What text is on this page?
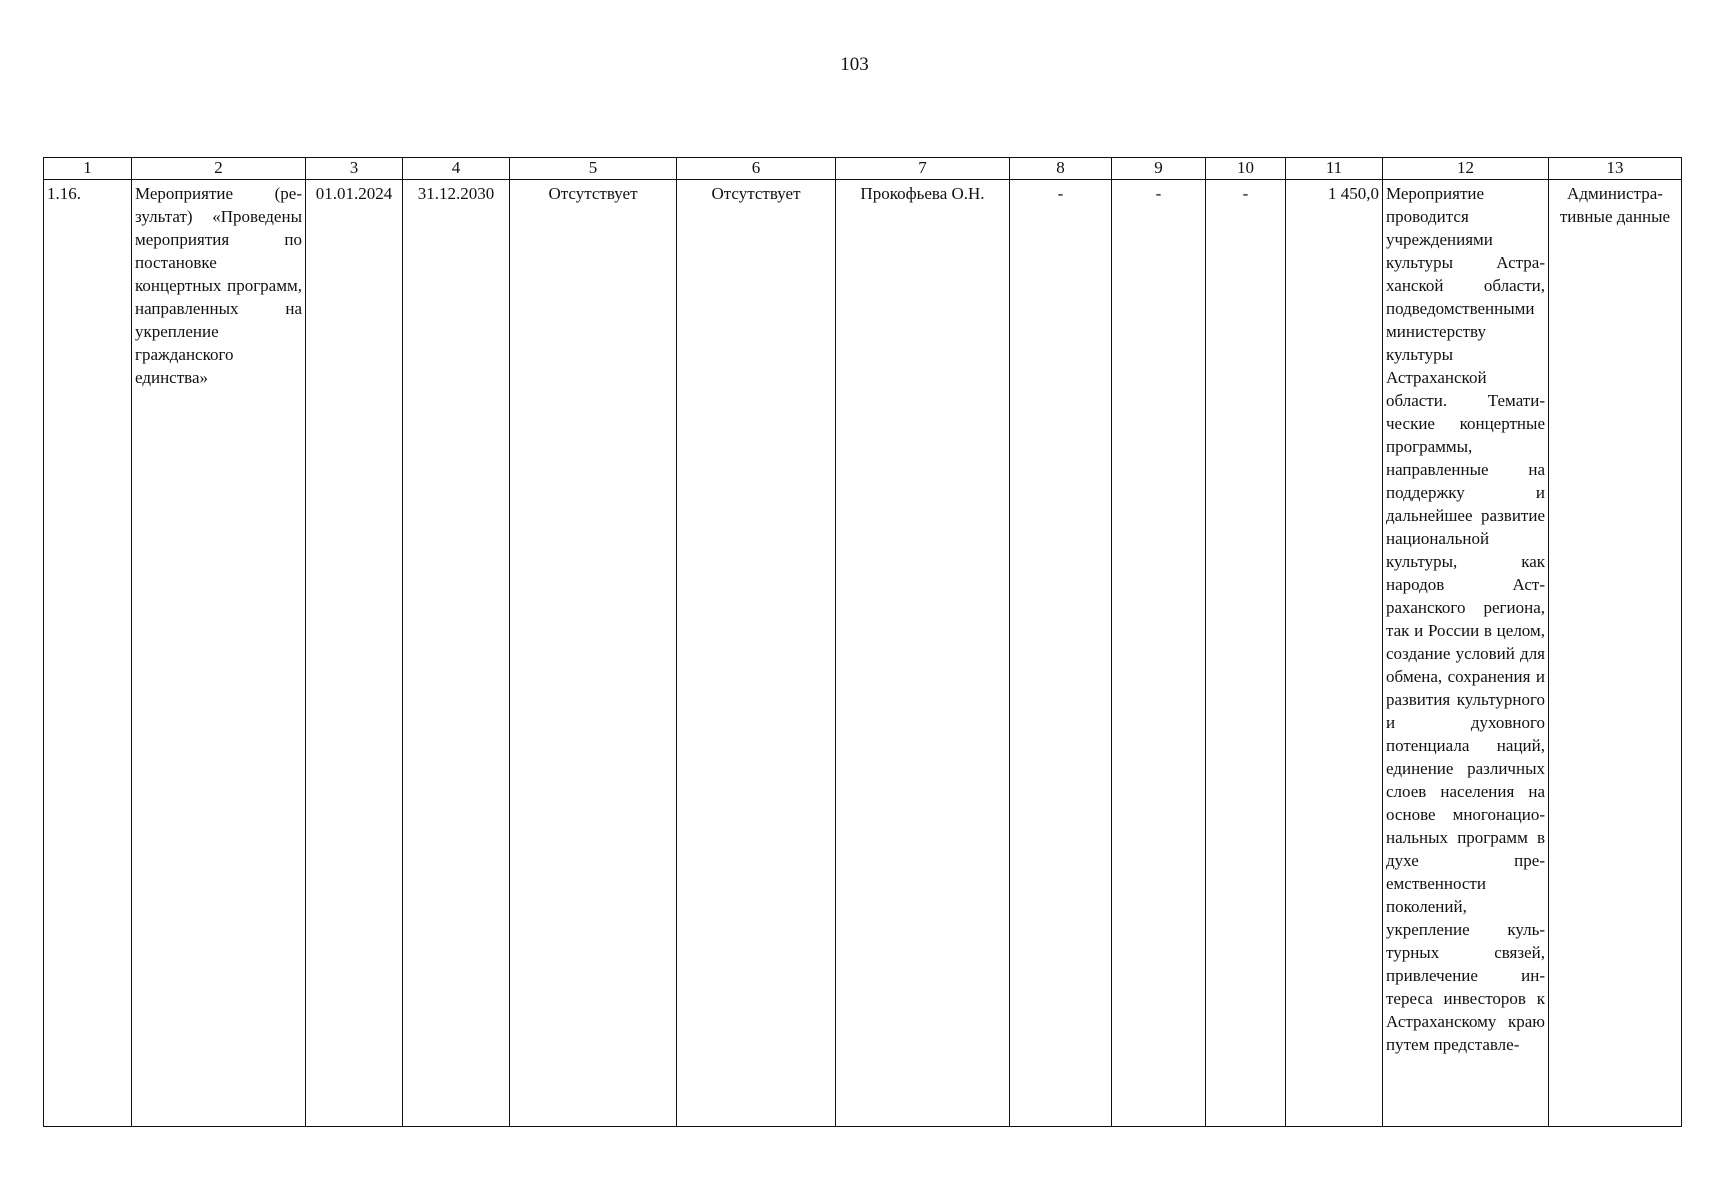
103
1	2	3	4	5	6	7	8	9	10	11	12	13
1.16.	Мероприятие (результат) «Проведены мероприятия по постановке концертных программ, направленных на укрепление гражданского единства»	01.01.2024	31.12.2030	Отсутствует	Отсутствует	Прокофьева О.Н.	-	-	-	1 450,0	Мероприятие проводится учреждениями культуры Астраханской области, подведомственными министерству культуры Астраханской области. Тематические концертные программы, направленные на поддержку и дальнейшее развитие национальной культуры, как народов Астраханского региона, так и России в целом, создание условий для обмена, сохранения и развития культурного и духовного потенциала наций, единение различных слоев населения на основе многонациональных программ в духе преемственности поколений, укрепление культурных связей, привлечение интереса инвесторов к Астраханскому краю путем представле-	Административные данные
